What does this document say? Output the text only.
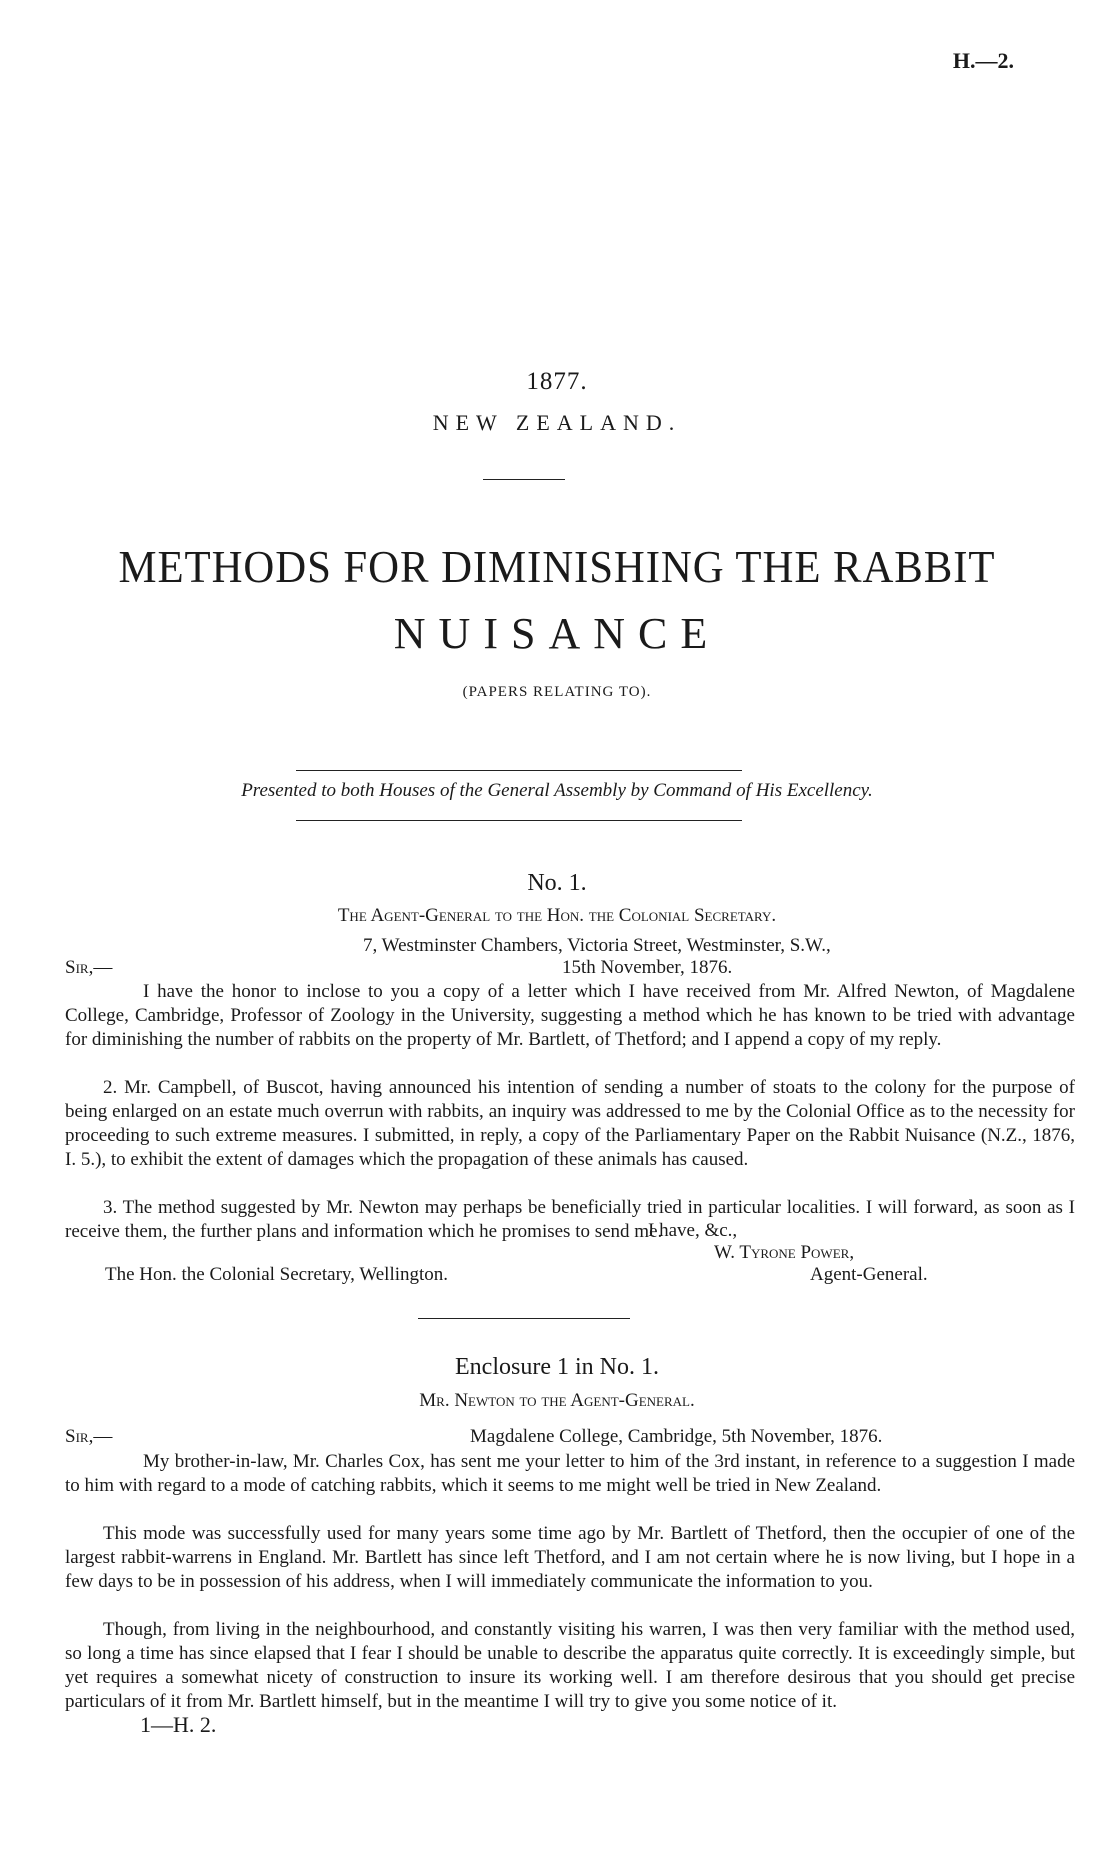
H.—2.
1877.
NEW ZEALAND.
METHODS FOR DIMINISHING THE RABBIT
NUISANCE
(PAPERS RELATING TO).
Presented to both Houses of the General Assembly by Command of His Excellency.
No. 1.
The Agent-General to the Hon. the Colonial Secretary.
7, Westminster Chambers, Victoria Street, Westminster, S.W.,
Sir,—	15th November, 1876.
I have the honor to inclose to you a copy of a letter which I have received from Mr. Alfred Newton, of Magdalene College, Cambridge, Professor of Zoology in the University, suggesting a method which he has known to be tried with advantage for diminishing the number of rabbits on the property of Mr. Bartlett, of Thetford; and I append a copy of my reply.
2. Mr. Campbell, of Buscot, having announced his intention of sending a number of stoats to the colony for the purpose of being enlarged on an estate much overrun with rabbits, an inquiry was addressed to me by the Colonial Office as to the necessity for proceeding to such extreme measures. I submitted, in reply, a copy of the Parliamentary Paper on the Rabbit Nuisance (N.Z., 1876, I. 5.), to exhibit the extent of damages which the propagation of these animals has caused.
3. The method suggested by Mr. Newton may perhaps be beneficially tried in particular localities. I will forward, as soon as I receive them, the further plans and information which he promises to send me.
I have, &c.,
W. Tyrone Power,
The Hon. the Colonial Secretary, Wellington.	Agent-General.
Enclosure 1 in No. 1.
Mr. Newton to the Agent-General.
Sir,—	Magdalene College, Cambridge, 5th November, 1876.
My brother-in-law, Mr. Charles Cox, has sent me your letter to him of the 3rd instant, in reference to a suggestion I made to him with regard to a mode of catching rabbits, which it seems to me might well be tried in New Zealand.
This mode was successfully used for many years some time ago by Mr. Bartlett of Thetford, then the occupier of one of the largest rabbit-warrens in England. Mr. Bartlett has since left Thetford, and I am not certain where he is now living, but I hope in a few days to be in possession of his address, when I will immediately communicate the information to you.
Though, from living in the neighbourhood, and constantly visiting his warren, I was then very familiar with the method used, so long a time has since elapsed that I fear I should be unable to describe the apparatus quite correctly. It is exceedingly simple, but yet requires a somewhat nicety of construction to insure its working well. I am therefore desirous that you should get precise particulars of it from Mr. Bartlett himself, but in the meantime I will try to give you some notice of it.
1—H. 2.
